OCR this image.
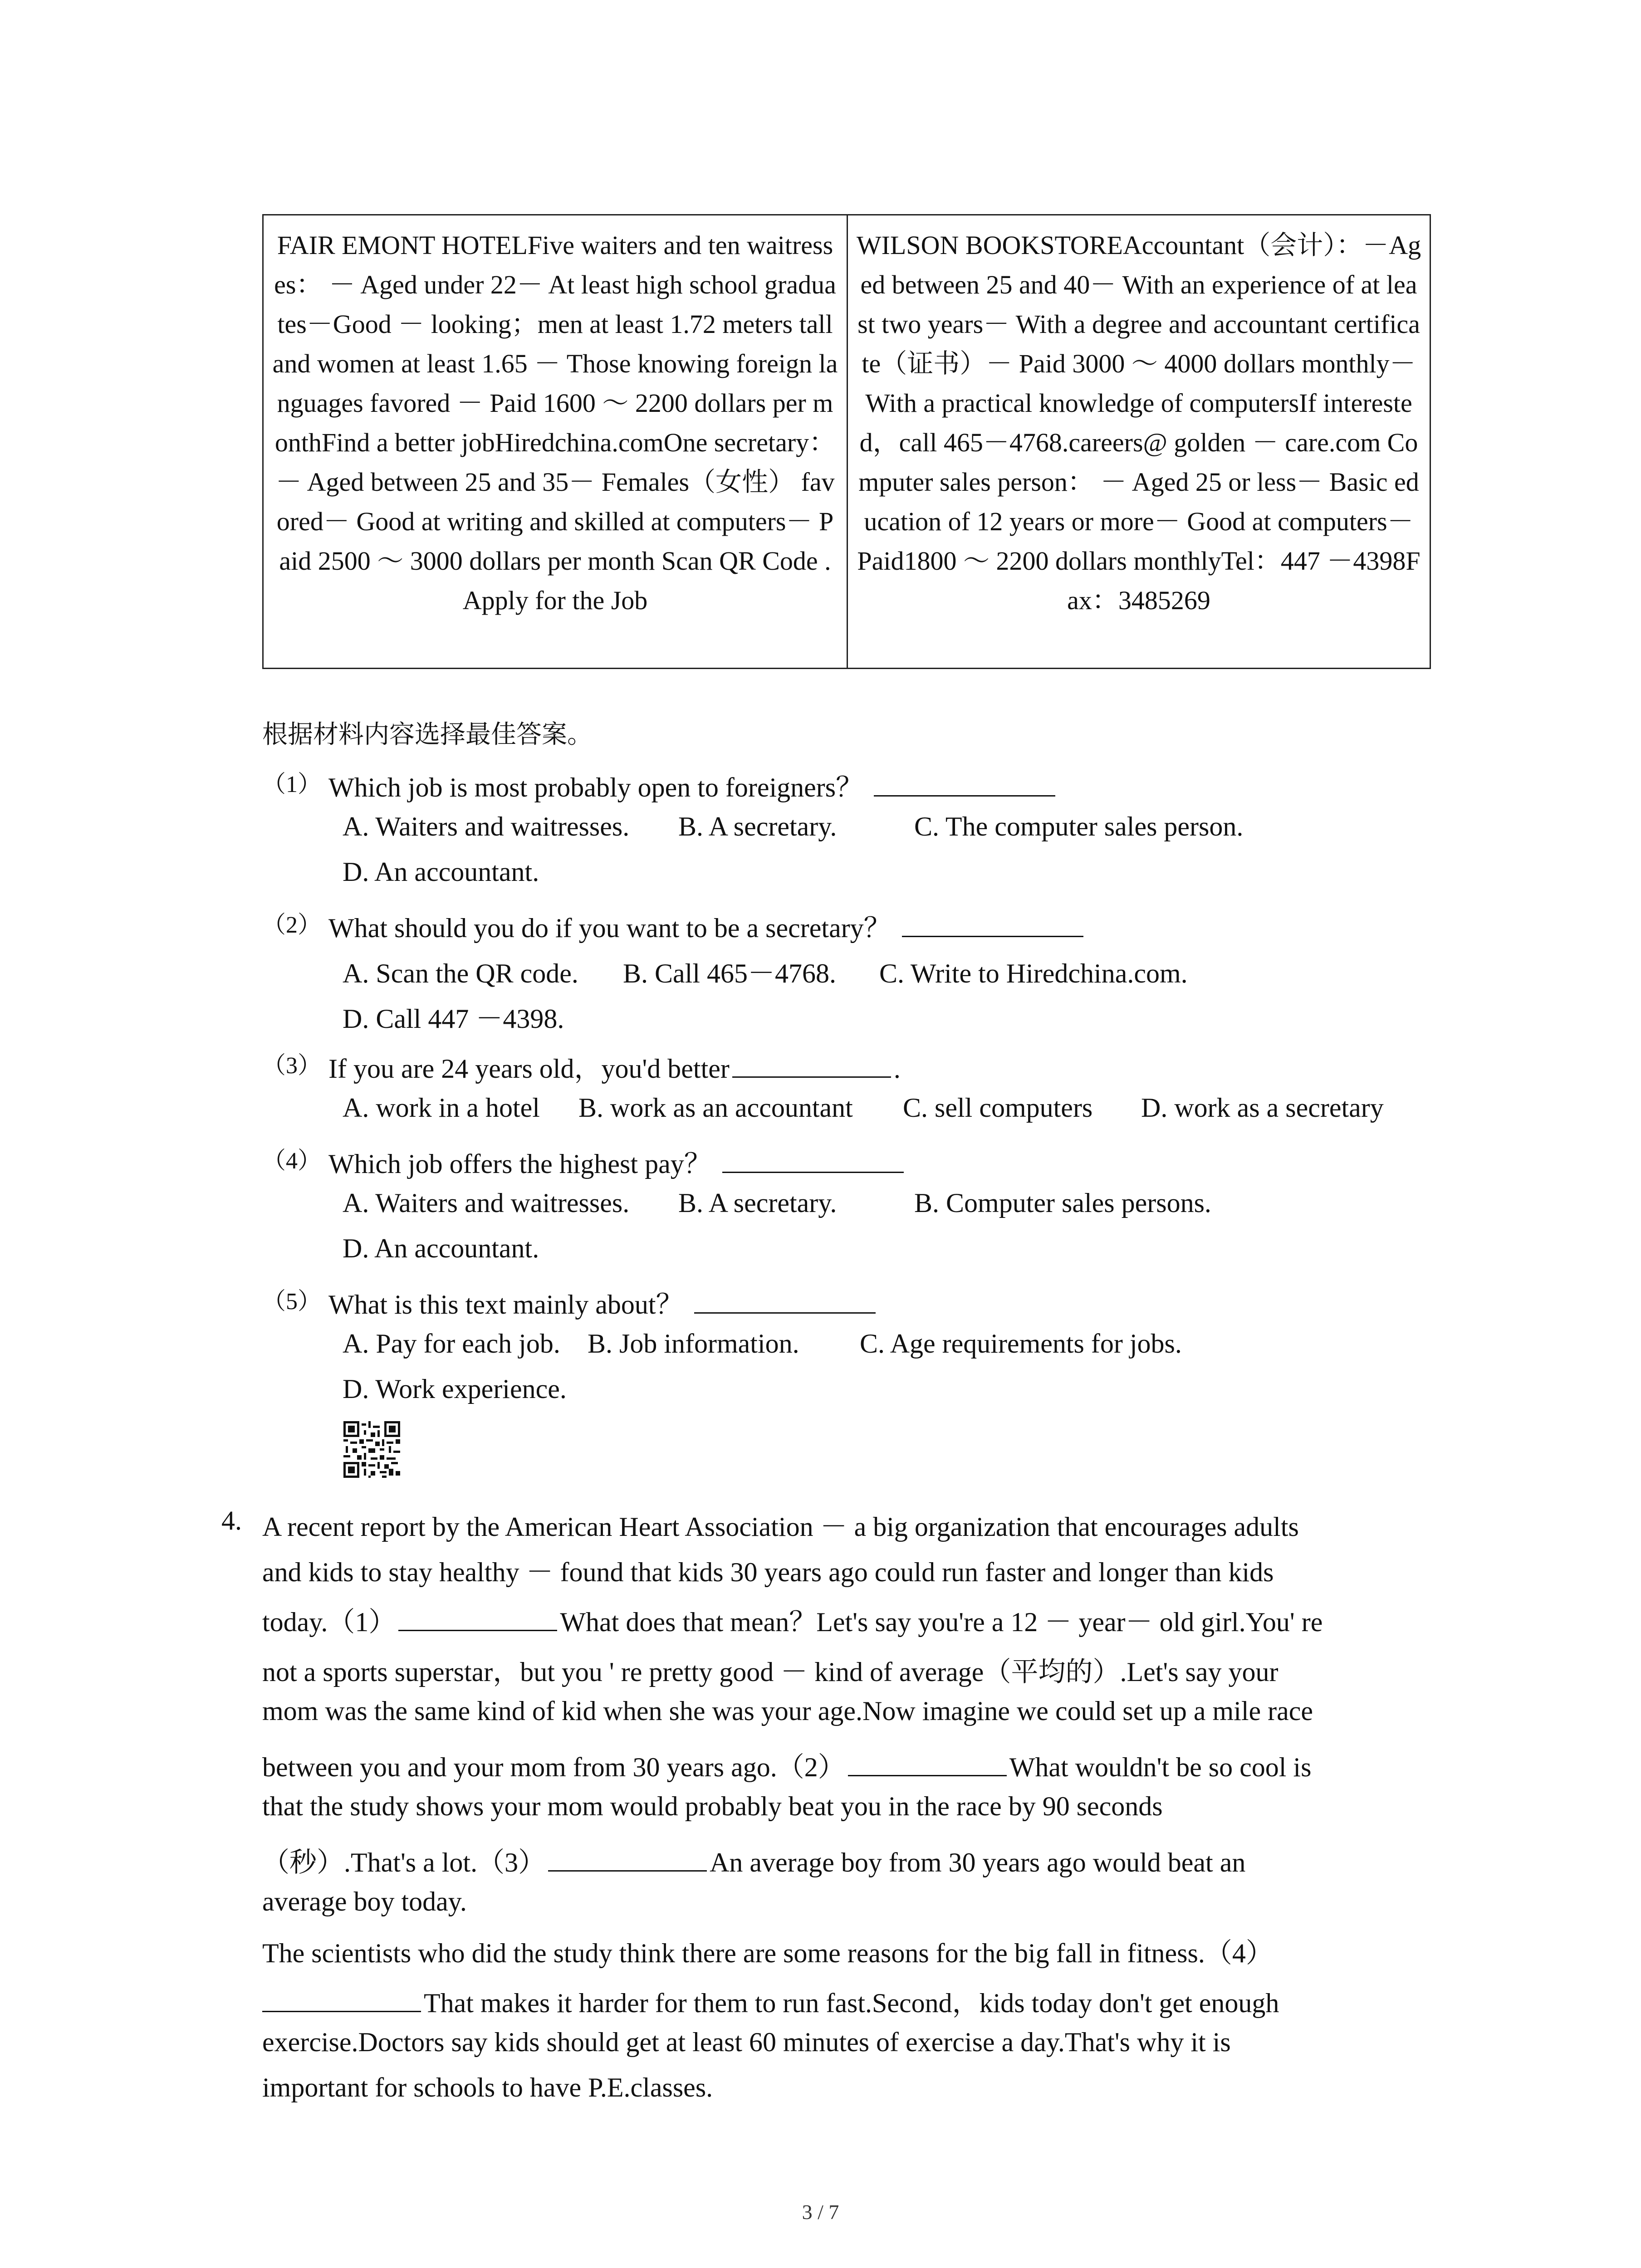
FAIR EMONT HOTELFive waiters and ten waitresses： － Aged under 22－ At least high school graduates－Good － looking；men at least 1.72 meters tall and women at least 1.65 － Those knowing foreign languages favored － Paid 1600 ～ 2200 dollars per monthFind a better jobHiredchina.comOne secretary： － Aged between 25 and 35－ Females（女性） favored－ Good at writing and skilled at computers－ Paid 2500 ～ 3000 dollars per month Scan QR Code .Apply for the Job
WILSON BOOKSTOREAccountant（会计）：－Aged between 25 and 40－ With an experience of at least two years－ With a degree and accountant certificate（证书）－ Paid 3000 ～ 4000 dollars monthly－ With a practical knowledge of computersIf interested，call 465－4768.careers@ golden － care.com Computer sales person： － Aged 25 or less－ Basic education of 12 years or more－ Good at computers－ Paid1800 ～ 2200 dollars monthlyTel：447 －4398Fax：3485269
根据材料内容选择最佳答案。
（1） Which job is most probably open to foreigners？
A. Waiters and waitresses. B. A secretary.	C. The computer sales person.
D. An accountant.
（2） What should you do if you want to be a secretary？
A. Scan the QR code. B. Call 465－4768. C. Write to Hiredchina.com.
D. Call 447 －4398.
（3） If you are 24 years old，you'd better	.
A. work in a hotel B. work as an accountant C. sell computers D. work as a secretary
（4） Which job offers the highest pay？
A. Waiters and waitresses. B. A secretary.	B. Computer sales persons.
D. An accountant.
（5） What is this text mainly about？
A. Pay for each job. B. Job information. C. Age requirements for jobs.
D. Work experience.
4. A recent report by the American Heart Association － a big organization that encourages adults
and kids to stay healthy － found that kids 30 years ago could run faster and longer than kids
today.（1）	What does that mean？Let's say you're a 12 － year－ old girl.You' re
not a sports superstar，but you ' re pretty good － kind of average（平均的）.Let's say your
mom was the same kind of kid when she was your age.Now imagine we could set up a mile race
between you and your mom from 30 years ago.（2）	What wouldn't be so cool is
that the study shows your mom would probably beat you in the race by 90 seconds
（秒）.That's a lot.（3）	An average boy from 30 years ago would beat an
average boy today.
The scientists who did the study think there are some reasons for the big fall in fitness.（4）
That makes it harder for them to run fast.Second，kids today don't get enough
exercise.Doctors say kids should get at least 60 minutes of exercise a day.That's why it is
important for schools to have P.E.classes.
3 / 7
